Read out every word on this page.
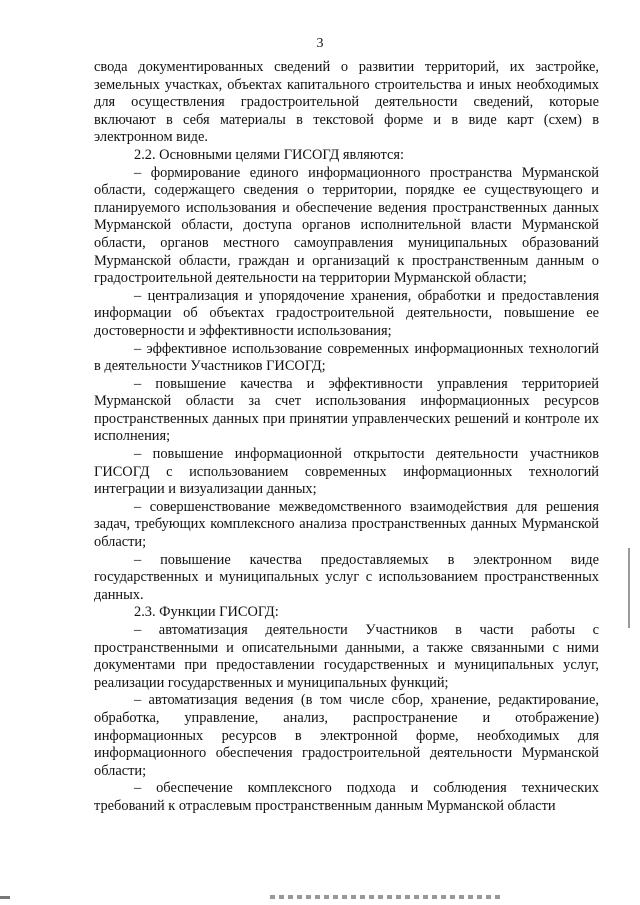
3

свода документированных сведений о развитии территорий, их застройке, земельных участках, объектах капитального строительства и иных необходимых для осуществления градостроительной деятельности сведений, которые включают в себя материалы в текстовой форме и в виде карт (схем) в электронном виде.

2.2. Основными целями ГИСОГД являются:

– формирование единого информационного пространства Мурманской области, содержащего сведения о территории, порядке ее существующего и планируемого использования и обеспечение ведения пространственных данных Мурманской области, доступа органов исполнительной власти Мурманской области, органов местного самоуправления муниципальных образований Мурманской области, граждан и организаций к пространственным данным о градостроительной деятельности на территории Мурманской области;

– централизация и упорядочение хранения, обработки и предоставления информации об объектах градостроительной деятельности, повышение ее достоверности и эффективности использования;

– эффективное использование современных информационных технологий в деятельности Участников ГИСОГД;

– повышение качества и эффективности управления территорией Мурманской области за счет использования информационных ресурсов пространственных данных при принятии управленческих решений и контроле их исполнения;

– повышение информационной открытости деятельности участников ГИСОГД с использованием современных информационных технологий интеграции и визуализации данных;

– совершенствование межведомственного взаимодействия для решения задач, требующих комплексного анализа пространственных данных Мурманской области;

– повышение качества предоставляемых в электронном виде государственных и муниципальных услуг с использованием пространственных данных.

2.3. Функции ГИСОГД:

– автоматизация деятельности Участников в части работы с пространственными и описательными данными, а также связанными с ними документами при предоставлении государственных и муниципальных услуг, реализации государственных и муниципальных функций;

– автоматизация ведения (в том числе сбор, хранение, редактирование, обработка, управление, анализ, распространение и отображение) информационных ресурсов в электронной форме, необходимых для информационного обеспечения градостроительной деятельности Мурманской области;

– обеспечение комплексного подхода и соблюдения технических требований к отраслевым пространственным данным Мурманской области
